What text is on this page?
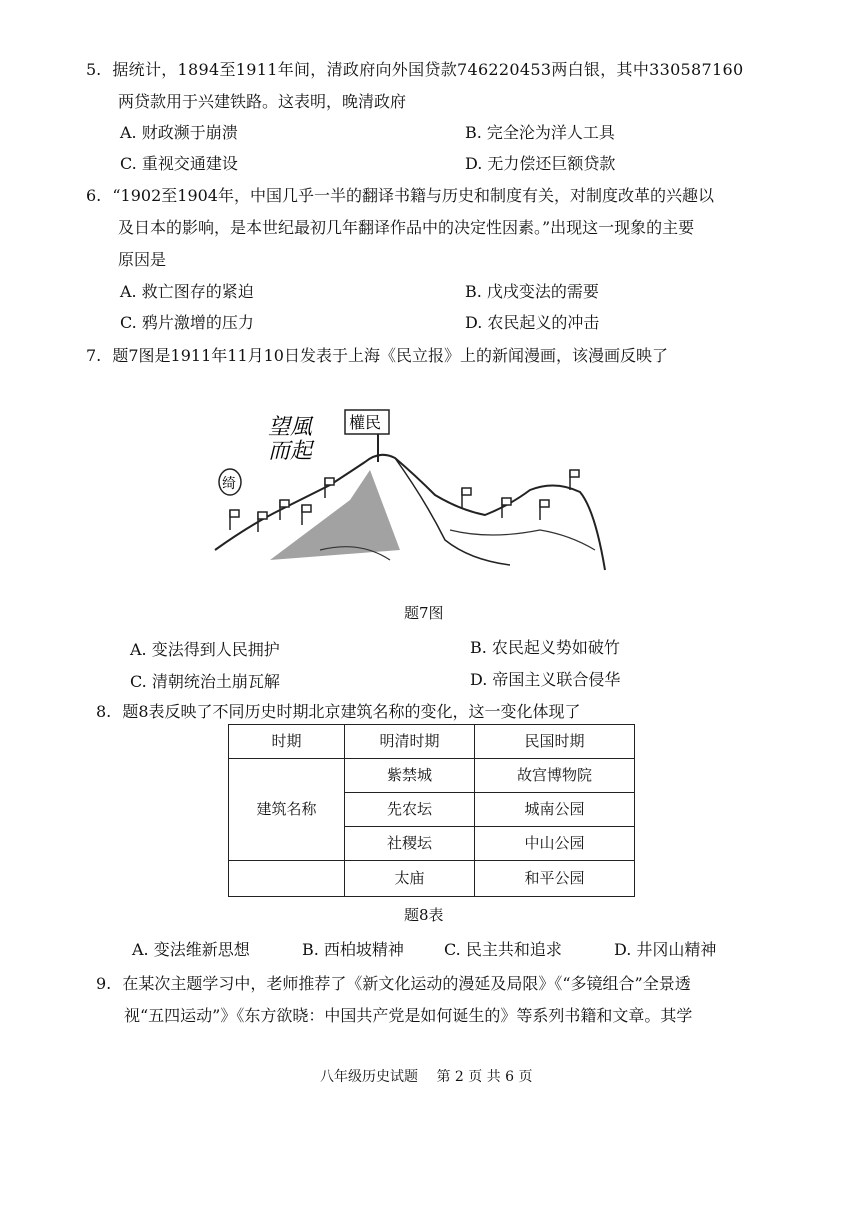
5. 据统计，1894至1911年间，清政府向外国贷款746220453两白银，其中330587160
两贷款用于兴建铁路。这表明，晚清政府
A. 财政濒于崩溃	B. 完全沦为洋人工具
C. 重视交通建设	D. 无力偿还巨额贷款
6. “1902至1904年，中国几乎一半的翻译书籍与历史和制度有关，对制度改革的兴趣以
及日本的影响，是本世纪最初几年翻译作品中的决定性因素。”出现这一现象的主要
原因是
A. 救亡图存的紧迫	B. 戊戌变法的需要
C. 鸦片激增的压力	D. 农民起义的冲击
7. 题7图是1911年11月10日发表于上海《民立报》上的新闻漫画，该漫画反映了
望風
而起
绮
權民
题7图
A. 变法得到人民拥护	B. 农民起义势如破竹
C. 清朝统治土崩瓦解	D. 帝国主义联合侵华
8. 题8表反映了不同历史时期北京建筑名称的变化，这一变化体现了
时期	明清时期	民国时期
建筑名称	紫禁城	故宫博物院
	先农坛	城南公园
	社稷坛	中山公园
	太庙	和平公园
题8表
A. 变法维新思想	B. 西柏坡精神	C. 民主共和追求	D. 井冈山精神
9. 在某次主题学习中，老师推荐了《新文化运动的漫延及局限》《“多镜组合”全景透
视“五四运动”》《东方欲晓：中国共产党是如何诞生的》等系列书籍和文章。其学
八年级历史试题 第 2 页 共 6 页
